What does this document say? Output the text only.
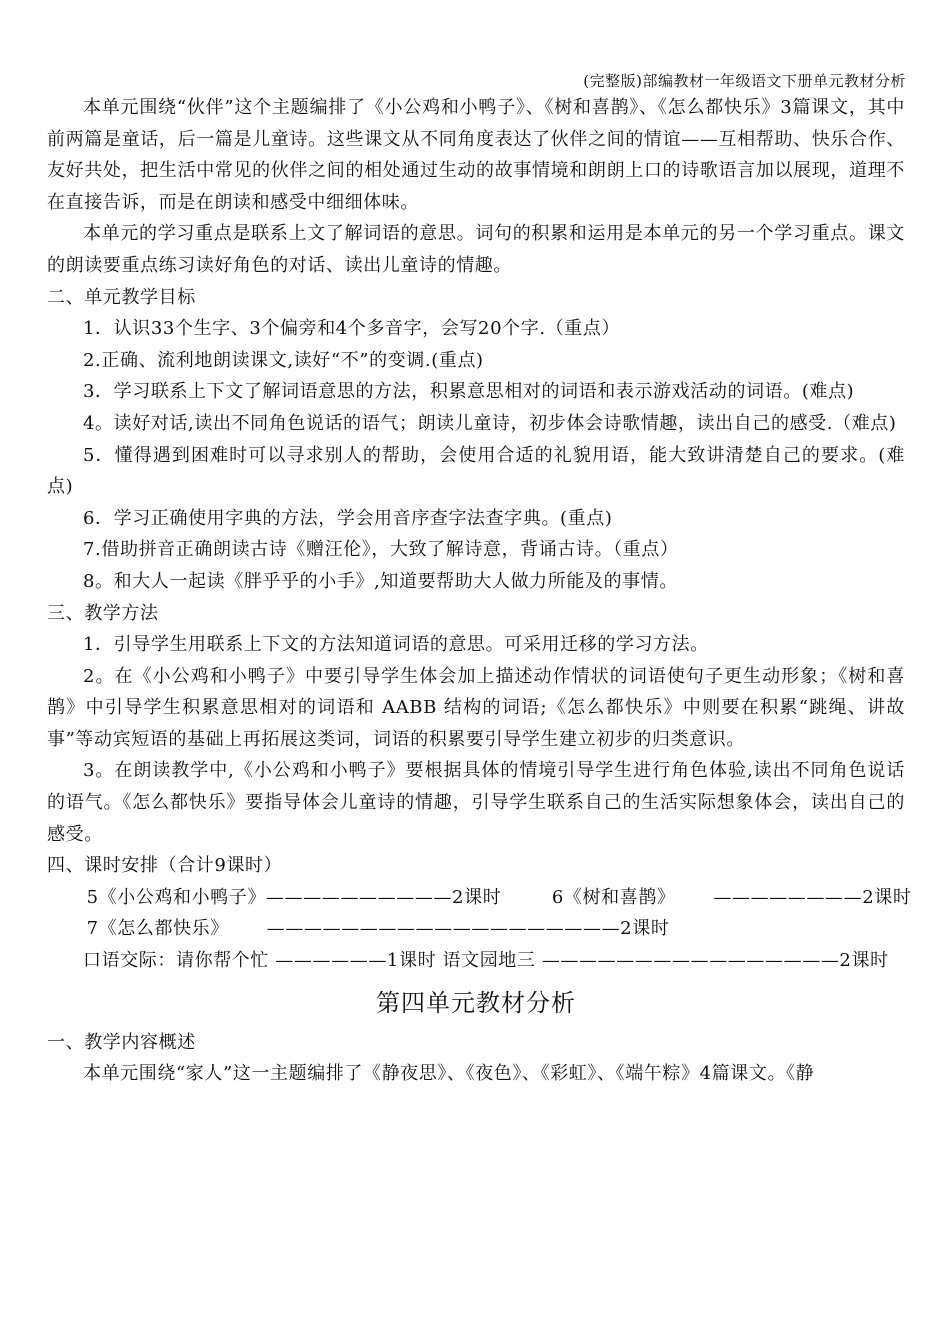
(完整版)部编教材一年级语文下册单元教材分析

本单元围绕“伙伴”这个主题编排了《小公鸡和小鸭子》、《树和喜鹊》、《怎么都快乐》3篇课文，其中前两篇是童话，后一篇是儿童诗。这些课文从不同角度表达了伙伴之间的情谊——互相帮助、快乐合作、友好共处，把生活中常见的伙伴之间的相处通过生动的故事情境和朗朗上口的诗歌语言加以展现，道理不在直接告诉，而是在朗读和感受中细细体味。

本单元的学习重点是联系上文了解词语的意思。词句的积累和运用是本单元的另一个学习重点。课文的朗读要重点练习读好角色的对话、读出儿童诗的情趣。

二、单元教学目标

1．认识33个生字、3个偏旁和4个多音字，会写20个字.（重点）

2.正确、流利地朗读课文,读好“不”的变调.(重点)

3．学习联系上下文了解词语意思的方法，积累意思相对的词语和表示游戏活动的词语。(难点)

4。读好对话,读出不同角色说话的语气；朗读儿童诗，初步体会诗歌情趣，读出自己的感受.（难点)

5．懂得遇到困难时可以寻求别人的帮助，会使用合适的礼貌用语，能大致讲清楚自己的要求。(难点)

6．学习正确使用字典的方法，学会用音序查字法查字典。(重点)

7.借助拼音正确朗读古诗《赠汪伦》，大致了解诗意，背诵古诗。（重点）

8。和大人一起读《胖乎乎的小手》,知道要帮助大人做力所能及的事情。

三、教学方法

1．引导学生用联系上下文的方法知道词语的意思。可采用迁移的学习方法。

2。在《小公鸡和小鸭子》中要引导学生体会加上描述动作情状的词语使句子更生动形象；《树和喜鹊》中引导学生积累意思相对的词语和 AABB 结构的词语;《怎么都快乐》中则要在积累“跳绳、讲故事”等动宾短语的基础上再拓展这类词，词语的积累要引导学生建立初步的归类意识。

3。在朗读教学中,《小公鸡和小鸭子》要根据具体的情境引导学生进行角色体验,读出不同角色说话的语气。《怎么都快乐》要指导体会儿童诗的情趣，引导学生联系自己的生活实际想象体会，读出自己的感受。

四、课时安排（合计9课时）

5《小公鸡和小鸭子》——————————2课时        6《树和喜鹊》      ————————2课时

7《怎么都快乐》      ———————————————————2课时

口语交际：请你帮个忙 ——————1课时 语文园地三 ————————————————2课时

第四单元教材分析

一、教学内容概述

本单元围绕“家人”这一主题编排了《静夜思》、《夜色》、《彩虹》、《端午粽》4篇课文。《静
